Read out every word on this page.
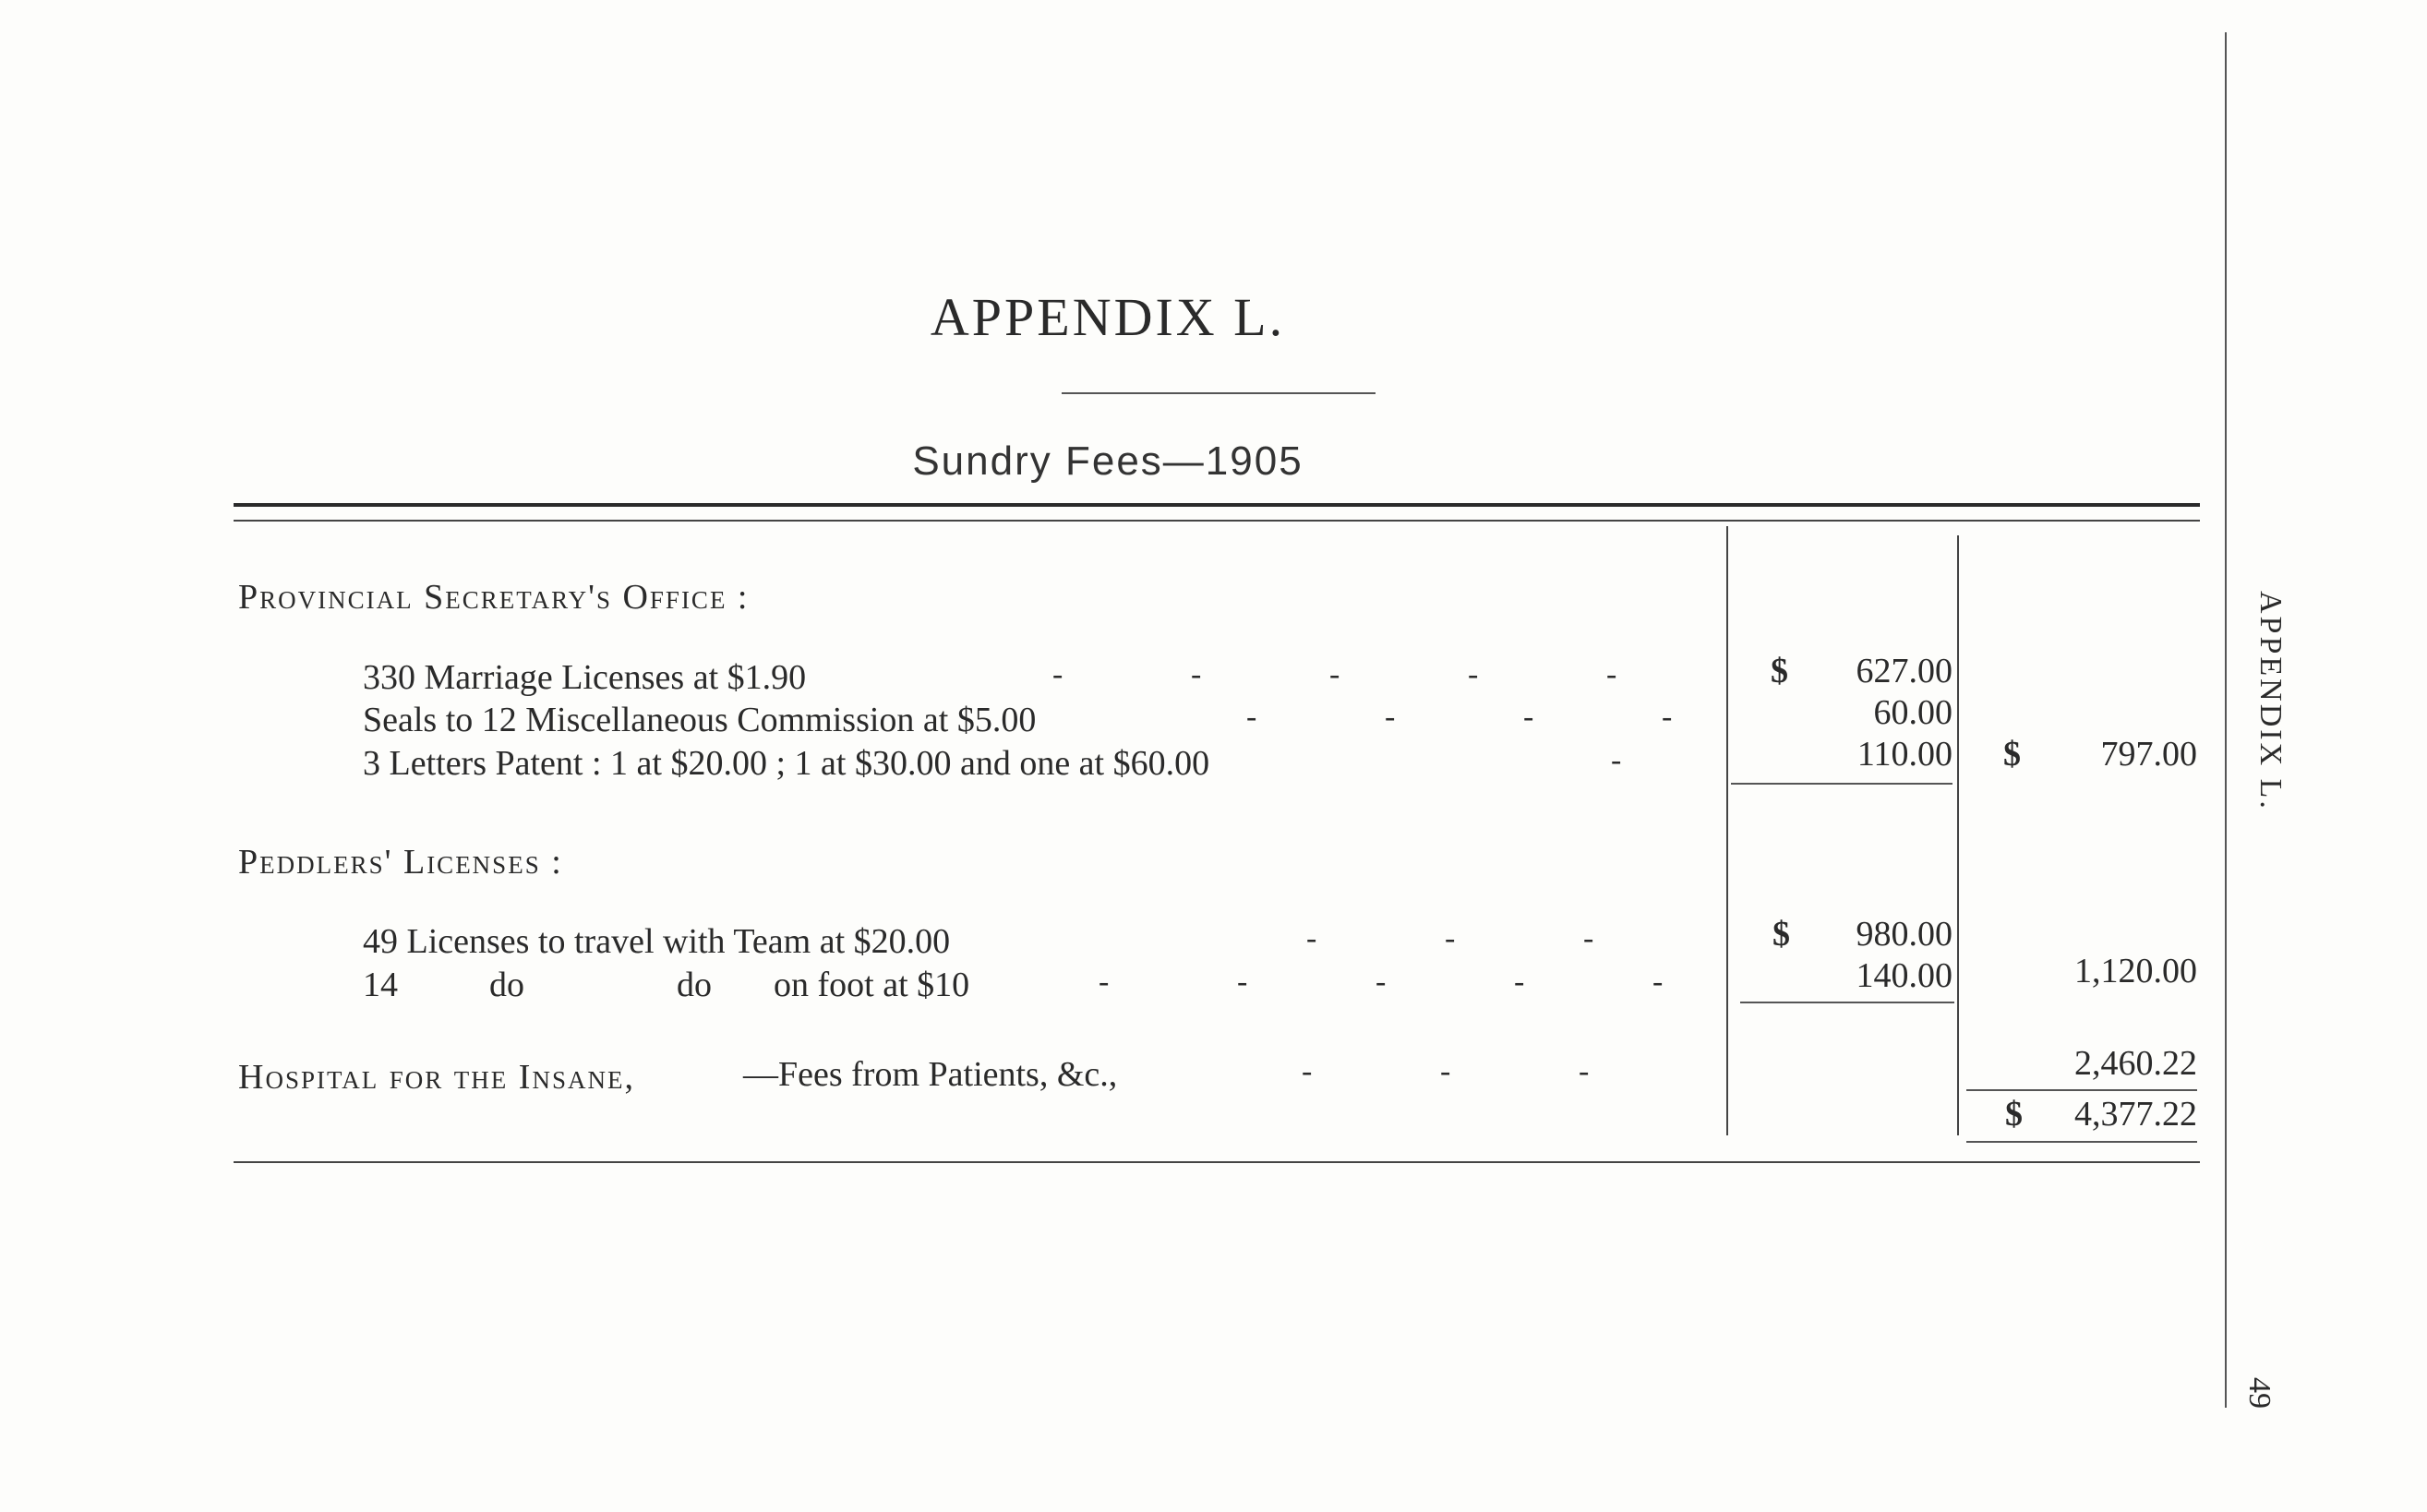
APPENDIX L.
Sundry Fees—1905
Provincial Secretary's Office :
330 Marriage Licenses at $1.90	-	-	-	-	-	$	627.00
Seals to 12 Miscellaneous Commission at $5.00	-	-	-	-	60.00
3 Letters Patent : 1 at $20.00 ; 1 at $30.00 and one at $60.00	-	110.00 $	797.00
Peddlers' Licenses :
49 Licenses to travel with Team at $20.00	-	-	-	$	980.00
14	do	do on foot at $10	-	-	-	-	-	140.00	1,120.00
Hospital for the Insane,	—Fees from Patients, &c.,	-	-	-	2,460.22
$	4,377.22
APPENDIX L.
49
